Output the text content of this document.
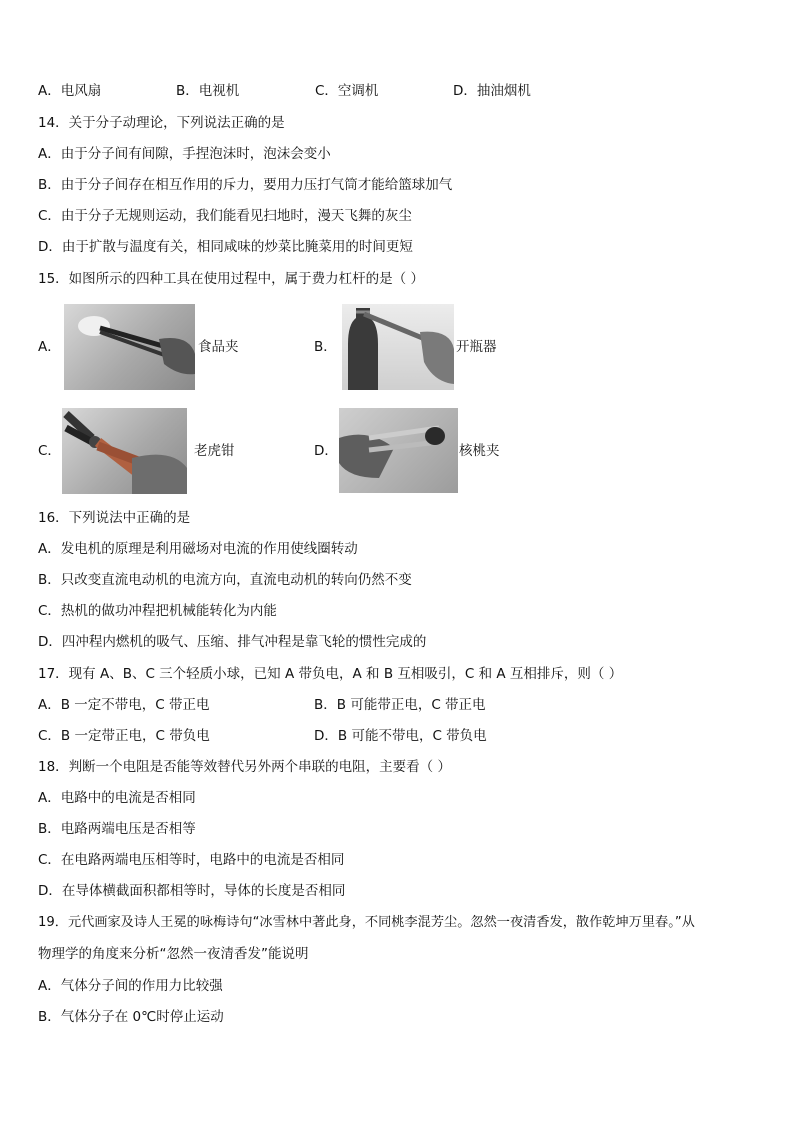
A．电风扇	B．电视机	C．空调机	D．抽油烟机
14．关于分子动理论，下列说法正确的是
A．由于分子间有间隙，手捏泡沫时，泡沫会变小
B．由于分子间存在相互作用的斥力，要用力压打气筒才能给篮球加气
C．由于分子无规则运动，我们能看见扫地时，漫天飞舞的灰尘
D．由于扩散与温度有关，相同咸味的炒菜比腌菜用的时间更短
15．如图所示的四种工具在使用过程中，属于费力杠杆的是（ ）
A．	食品夹	B．	开瓶器
C．	老虎钳	D．	核桃夹
16．下列说法中正确的是
A．发电机的原理是利用磁场对电流的作用使线圈转动
B．只改变直流电动机的电流方向，直流电动机的转向仍然不变
C．热机的做功冲程把机械能转化为内能
D．四冲程内燃机的吸气、压缩、排气冲程是靠飞轮的惯性完成的
17．现有 A、B、C 三个轻质小球，已知 A 带负电，A 和 B 互相吸引，C 和 A 互相排斥，则（ ）
A．B 一定不带电，C 带正电	B．B 可能带正电，C 带正电
C．B 一定带正电，C 带负电	D．B 可能不带电，C 带负电
18．判断一个电阻是否能等效替代另外两个串联的电阻，主要看（ ）
A．电路中的电流是否相同
B．电路两端电压是否相等
C．在电路两端电压相等时，电路中的电流是否相同
D．在导体横截面积都相等时，导体的长度是否相同
19．元代画家及诗人王冕的咏梅诗句“冰雪林中著此身，不同桃李混芳尘。忽然一夜清香发，散作乾坤万里春。”从
物理学的角度来分析“忽然一夜清香发”能说明
A．气体分子间的作用力比较强
B．气体分子在 0℃时停止运动
